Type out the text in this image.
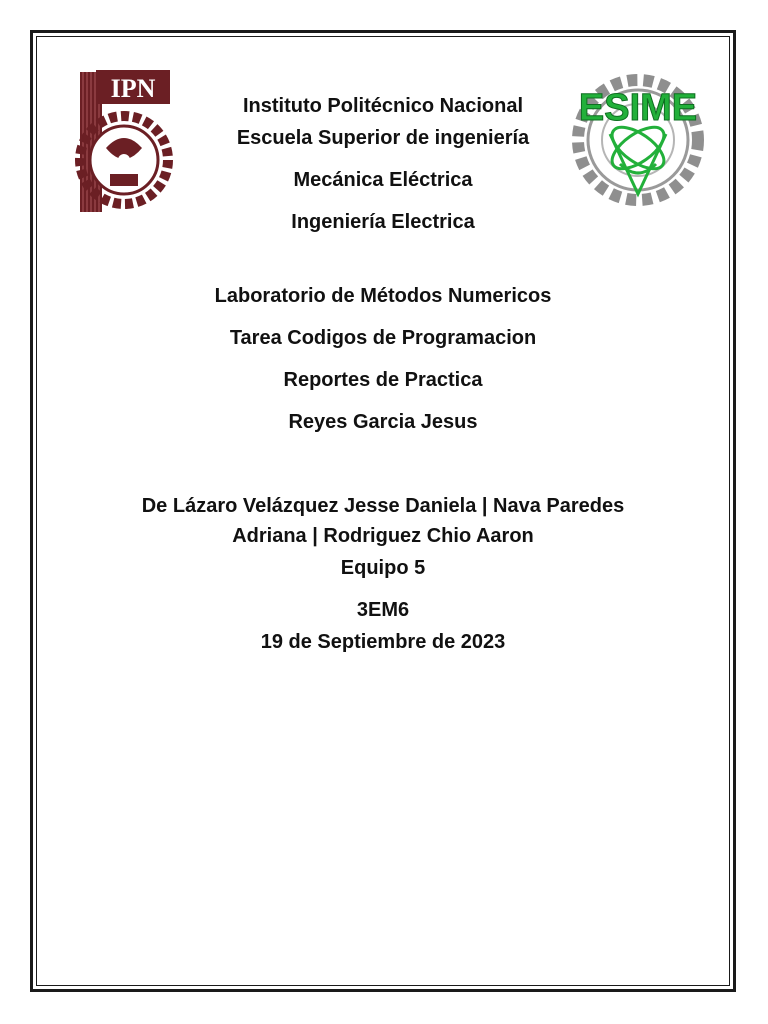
IPN	ESIME
Instituto Politécnico Nacional
Escuela Superior de ingeniería
Mecánica Eléctrica
Ingeniería Electrica
Laboratorio de Métodos Numericos
Tarea Codigos de Programacion
Reportes de Practica
Reyes Garcia Jesus
De Lázaro Velázquez Jesse Daniela | Nava Paredes
Adriana | Rodriguez Chio Aaron
Equipo 5
3EM6
19 de Septiembre de 2023
